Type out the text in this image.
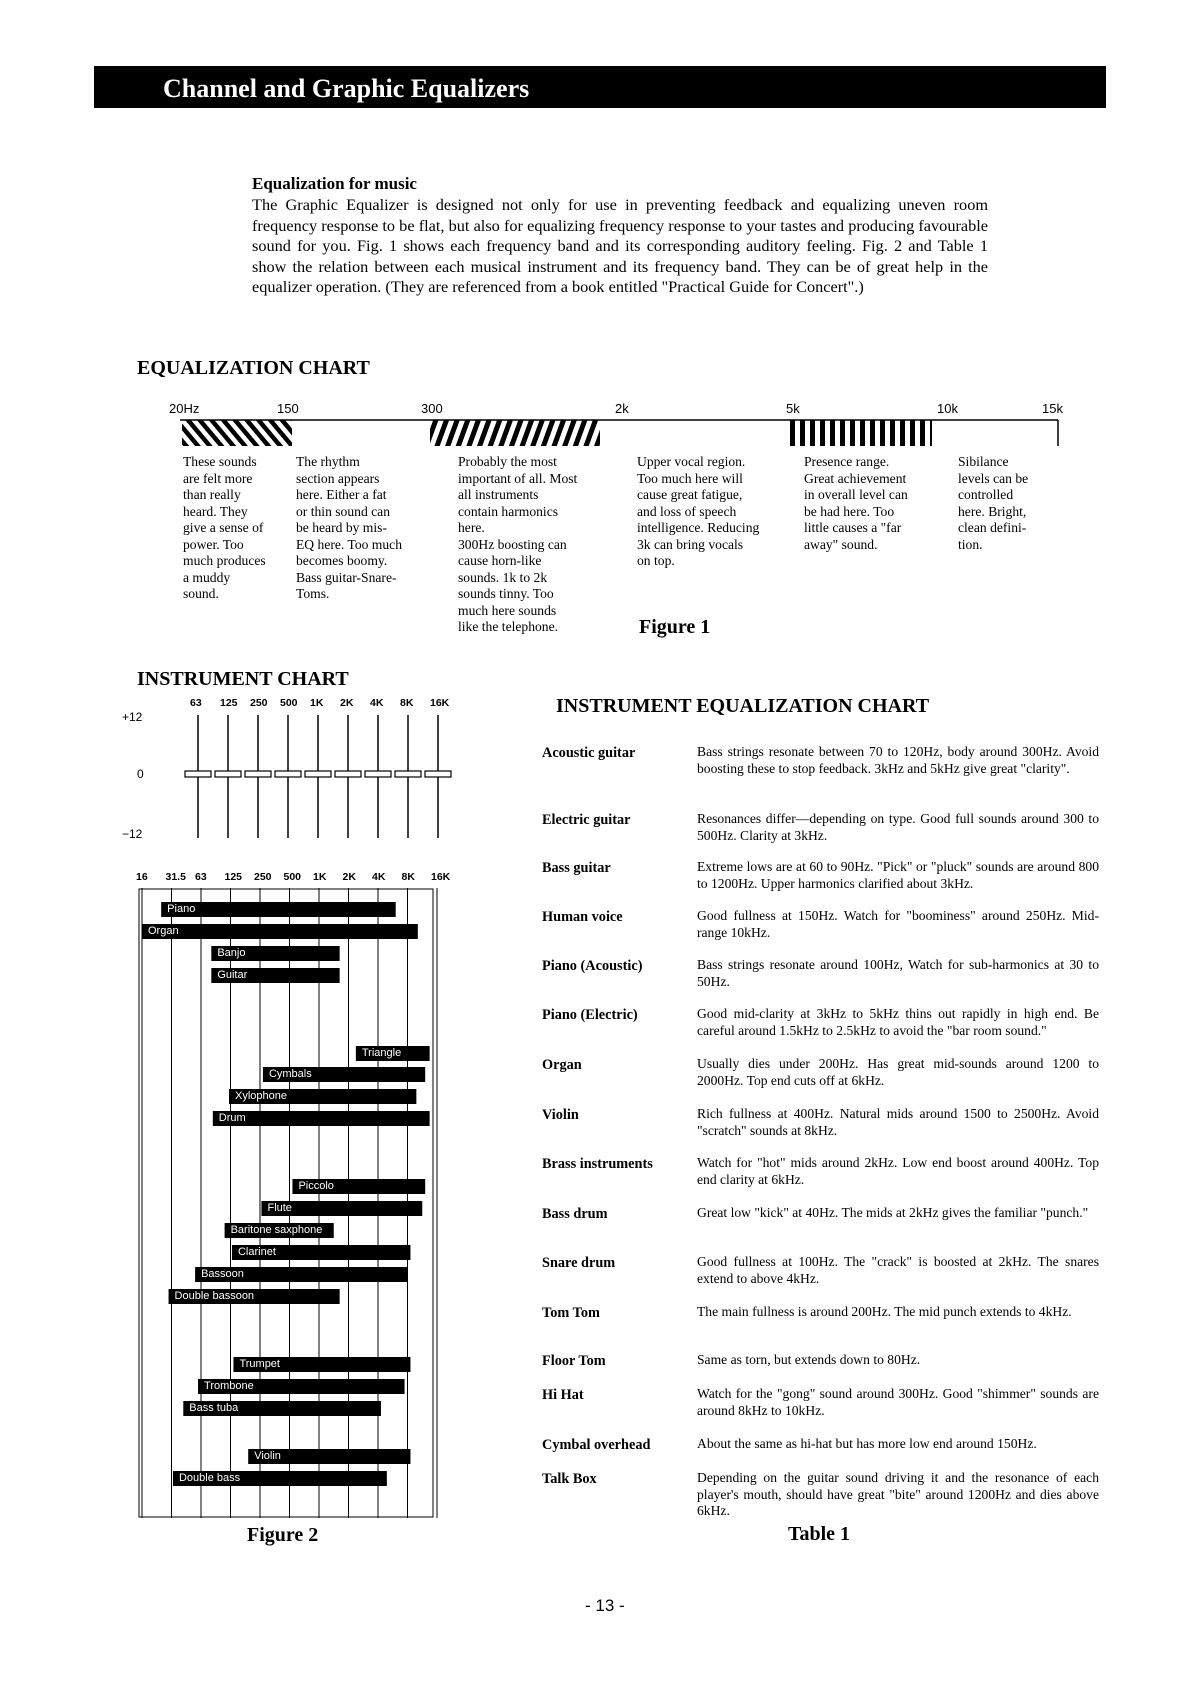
Channel and Graphic Equalizers
Equalization for music
The Graphic Equalizer is designed not only for use in preventing feedback and equalizing uneven room frequency response to be flat, but also for equalizing frequency response to your tastes and producing favourable sound for you. Fig. 1 shows each frequency band and its corresponding auditory feeling. Fig. 2 and Table 1 show the relation between each musical instrument and its frequency band. They can be of great help in the equalizer operation. (They are referenced from a book entitled "Practical Guide for Concert".)
EQUALIZATION CHART
20Hz	150	300	2k	5k	10k	15k
These sounds
are felt more
than really
heard. They
give a sense of
power. Too
much produces
a muddy
sound.
The rhythm
section appears
here. Either a fat
or thin sound can
be heard by mis-
EQ here. Too much
becomes boomy.
Bass guitar-Snare-
Toms.
Probably the most
important of all. Most
all instruments
contain harmonics
here.
300Hz boosting can
cause horn-like
sounds. 1k to 2k
sounds tinny. Too
much here sounds
like the telephone.
Upper vocal region.
Too much here will
cause great fatigue,
and loss of speech
intelligence. Reducing
3k can bring vocals
on top.
Presence range.
Great achievement
in overall level can
be had here. Too
little causes a "far
away" sound.
Sibilance
levels can be
controlled
here. Bright,
clean defini-
tion.
Figure 1
INSTRUMENT CHART
63 125 250 500 1K 2K 4K 8K 16K
+12
0
−12
16 31.5 63 125 250 500 1K 2K 4K 8K 16K
Piano
Organ
Banjo
Guitar
Triangle
Cymbals
Xylophone
Drum
Piccolo
Flute
Baritone saxphone
Clarinet
Bassoon
Double bassoon
Trumpet
Trombone
Bass tuba
Violin
Double bass
Figure 2
INSTRUMENT EQUALIZATION CHART
Acoustic guitar	Bass strings resonate between 70 to 120Hz, body around 300Hz. Avoid boosting these to stop feedback. 3kHz and 5kHz give great "clarity".
Electric guitar	Resonances differ—depending on type. Good full sounds around 300 to 500Hz. Clarity at 3kHz.
Bass guitar	Extreme lows are at 60 to 90Hz. "Pick" or "pluck" sounds are around 800 to 1200Hz. Upper harmonics clarified about 3kHz.
Human voice	Good fullness at 150Hz. Watch for "boominess" around 250Hz. Mid-range 10kHz.
Piano (Acoustic)	Bass strings resonate around 100Hz, Watch for sub-harmonics at 30 to 50Hz.
Piano (Electric)	Good mid-clarity at 3kHz to 5kHz thins out rapidly in high end. Be careful around 1.5kHz to 2.5kHz to avoid the "bar room sound."
Organ	Usually dies under 200Hz. Has great mid-sounds around 1200 to 2000Hz. Top end cuts off at 6kHz.
Violin	Rich fullness at 400Hz. Natural mids around 1500 to 2500Hz. Avoid "scratch" sounds at 8kHz.
Brass instruments	Watch for "hot" mids around 2kHz. Low end boost around 400Hz. Top end clarity at 6kHz.
Bass drum	Great low "kick" at 40Hz. The mids at 2kHz gives the familiar "punch."
Snare drum	Good fullness at 100Hz. The "crack" is boosted at 2kHz. The snares extend to above 4kHz.
Tom Tom	The main fullness is around 200Hz. The mid punch extends to 4kHz.
Floor Tom	Same as torn, but extends down to 80Hz.
Hi Hat	Watch for the "gong" sound around 300Hz. Good "shimmer" sounds are around 8kHz to 10kHz.
Cymbal overhead	About the same as hi-hat but has more low end around 150Hz.
Talk Box	Depending on the guitar sound driving it and the resonance of each player's mouth, should have great "bite" around 1200Hz and dies above 6kHz.
Table 1
- 13 -
